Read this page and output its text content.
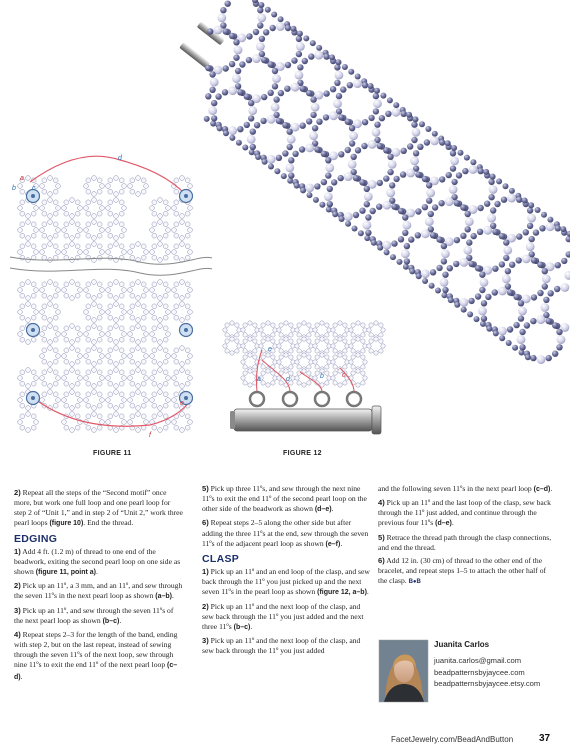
FIGURE 11	FIGURE 12
d
b c
a
f
e
e
a	d	b	c

2) Repeat all the steps of the “Second motif” once more, but work one full loop and one pearl loop for step 2 of “Unit 1,” and in step 2 of “Unit 2,” work three pearl loops (figure 10). End the thread.

EDGING

1) Add 4 ft. (1.2 m) of thread to one end of the beadwork, exiting the second pearl loop on one side as shown (figure 11, point a).

2) Pick up an 11º, a 3 mm, and an 11º, and sew through the seven 11ºs in the next pearl loop as shown (a–b).

3) Pick up an 11º, and sew through the seven 11ºs of the next pearl loop as shown (b–c).

4) Repeat steps 2–3 for the length of the band, ending with step 2, but on the last repeat, instead of sewing through the seven 11ºs of the next loop, sew through nine 11ºs to exit the end 11º of the next pearl loop (c–d).

5) Pick up three 11ºs, and sew through the next nine 11ºs to exit the end 11º of the second pearl loop on the other side of the beadwork as shown (d–e).

6) Repeat steps 2–5 along the other side but after adding the three 11ºs at the end, sew through the seven 11ºs of the adjacent pearl loop as shown (e–f).

CLASP

1) Pick up an 11º and an end loop of the clasp, and sew back through the 11º you just picked up and the next seven 11ºs in the pearl loop as shown (figure 12, a–b).

2) Pick up an 11º and the next loop of the clasp, and sew back through the 11º you just added and the next three 11ºs (b–c).

3) Pick up an 11º and the next loop of the clasp, and sew back through the 11º you just added

and the following seven 11ºs in the next pearl loop (c–d).

4) Pick up an 11º and the last loop of the clasp, sew back through the 11º just added, and continue through the previous four 11ºs (d–e).

5) Retrace the thread path through the clasp connections, and end the thread.

6) Add 12 in. (30 cm) of thread to the other end of the bracelet, and repeat steps 1–5 to attach the other half of the clasp. B●B

Juanita Carlos
juanita.carlos@gmail.com
beadpatternsbyjaycee.com
beadpatternsbyjaycee.etsy.com
FacetJewelry.com/BeadAndButton	37
